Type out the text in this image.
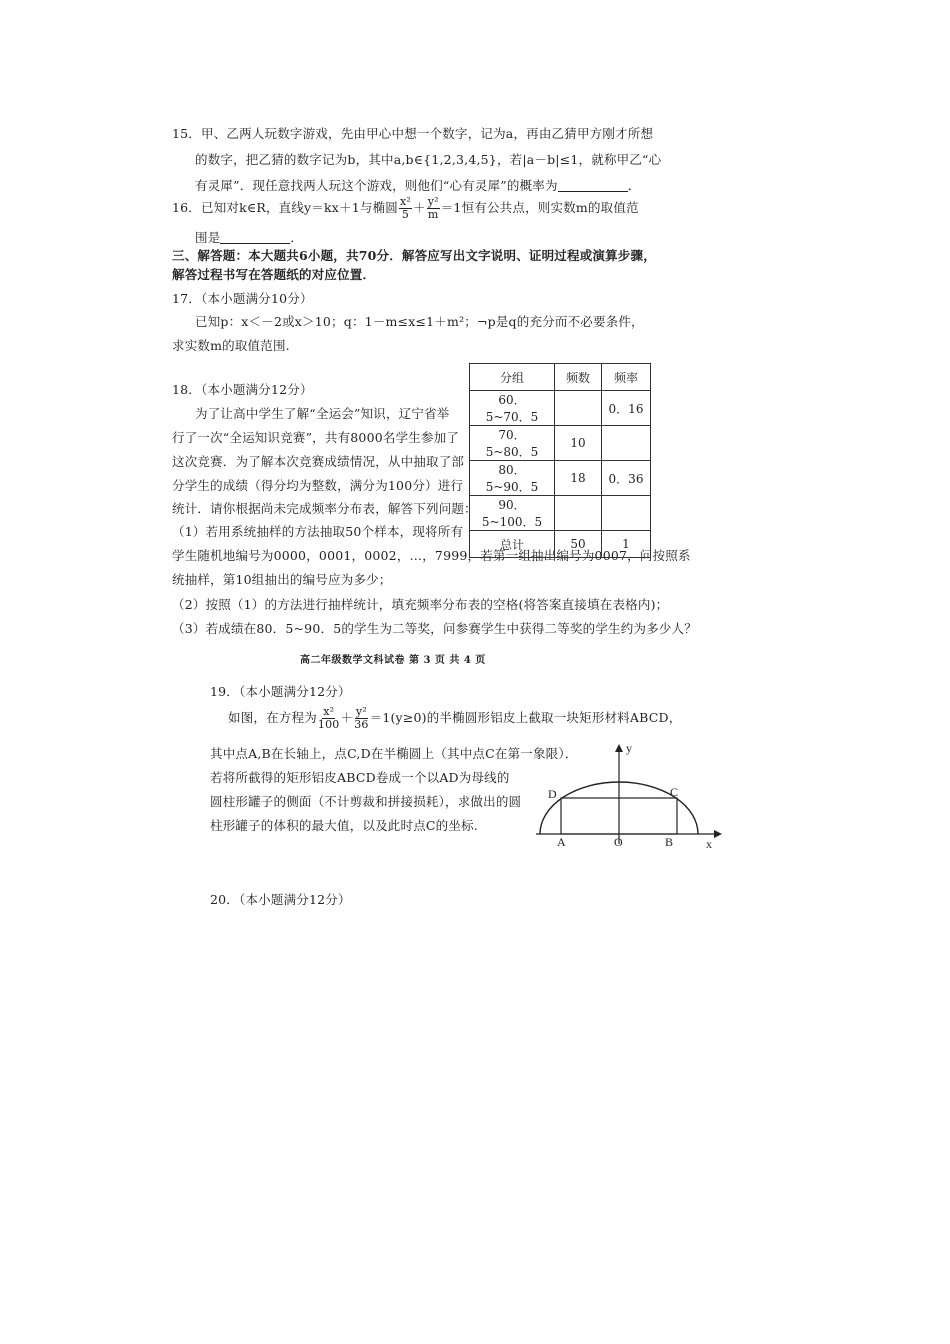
15．甲、乙两人玩数字游戏，先由甲心中想一个数字，记为a，再由乙猜甲方刚才所想
的数字，把乙猜的数字记为b，其中a,b∈{1,2,3,4,5}，若|a－b|≤1，就称甲乙“心
有灵犀”．现任意找两人玩这个游戏，则他们“心有灵犀”的概率为	．
16．已知对k∈R，直线y＝kx＋1与椭圆 $\frac{\text{x²}}{5} + \frac{\text{y²}}{m} =1$恒有公共点，则实数m的取值范
围是	．
三、解答题：本大题共6小题，共70分．解答应写出文字说明、证明过程或演算步骤，
解答过程书写在答题纸的对应位置．
17．（本小题满分10分）
已知p：x＜－2或x＞10；q：1－m≤x≤1＋m²；¬p是q的充分而不必要条件，
求实数m的取值范围.
18．（本小题满分12分）
为了让高中学生了解“全运会”知识，辽宁省举
行了一次“全运知识竞赛”，共有8000名学生参加了
这次竞赛．为了解本次竞赛成绩情况，从中抽取了部
分学生的成绩（得分均为整数，满分为100分）进行
统计．请你根据尚未完成频率分布表，解答下列问题：
（1）若用系统抽样的方法抽取50个样本，现将所有
学生随机地编号为0000，0001，0002，…，7999，若第一组抽出编号为0007，问按照系
统抽样，第10组抽出的编号应为多少；
（2）按照（1）的方法进行抽样统计，填充频率分布表的空格(将答案直接填在表格内)；
（3）若成绩在80．5~90．5的学生为二等奖，问参赛学生中获得二等奖的学生约为多少人？
分组	频数	频率
60．5~70．5		0．16
70．5~80．5	10	
80．5~90．5	18	0．36
90．5~100．5		
总计	50	1
高二年级数学文科试卷 第 3 页 共 4 页
19．（本小题满分12分）
如图，在方程为 $\frac{\text{x²}}{100} + \frac{\text{y²}}{36} =1(y\ge 0)$的半椭圆形铝皮上截取一块矩形材料ABCD，
其中点A,B在长轴上，点C,D在半椭圆上（其中点C在第一象限）．
若将所截得的矩形铝皮ABCD卷成一个以AD为母线的
圆柱形罐子的侧面（不计剪裁和拼接损耗），求做出的圆
柱形罐子的体积的最大值，以及此时点C的坐标.
y
x
D	C
A	O	B
20．（本小题满分12分）
